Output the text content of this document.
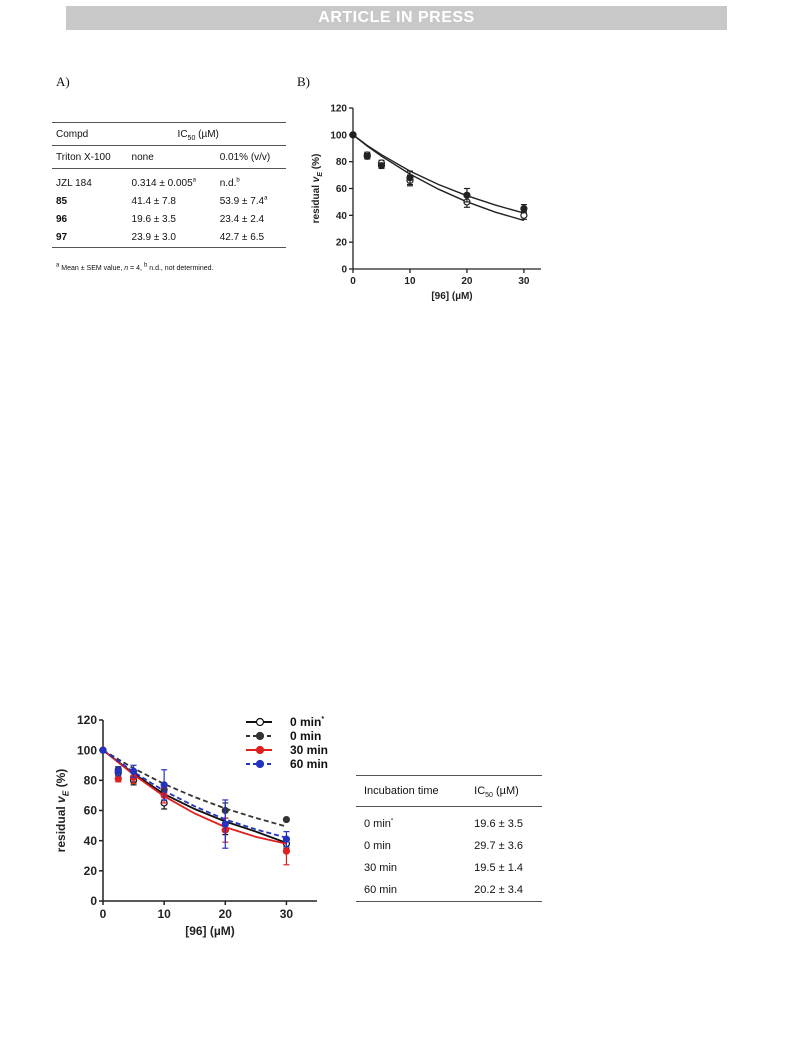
ARTICLE IN PRESS
A)	B)
Compd	$IC_{50}$ (µM)	
Triton X-100	none	0.01% (v/v)

JZL 184	0.314 ± 0.005$^a$	n.d.$^b$
85	41.4 ± 7.8	53.9 ± 7.4$^a$
96	19.6 ± 3.5	23.4 ± 2.4
97	23.9 ± 3.0	42.7 ± 6.5
$^a$ Mean ± SEM value, n = 4, $^b$ n.d., not determined.	0
20
40
60
80
100
120
0	10	20	30
[96] (µM)
residual $v_E$ (%)
0
20
40
60
80
100
120
0	10	20	30
[96] (µM)
residual $v_E$ (%)
0 min*
0 min
30 min
60 min
Incubation time	$IC_{50}$ (µM)
0 min*	19.6 ± 3.5
0 min	29.7 ± 3.6
30 min	19.5 ± 1.4
60 min	20.2 ± 3.4
